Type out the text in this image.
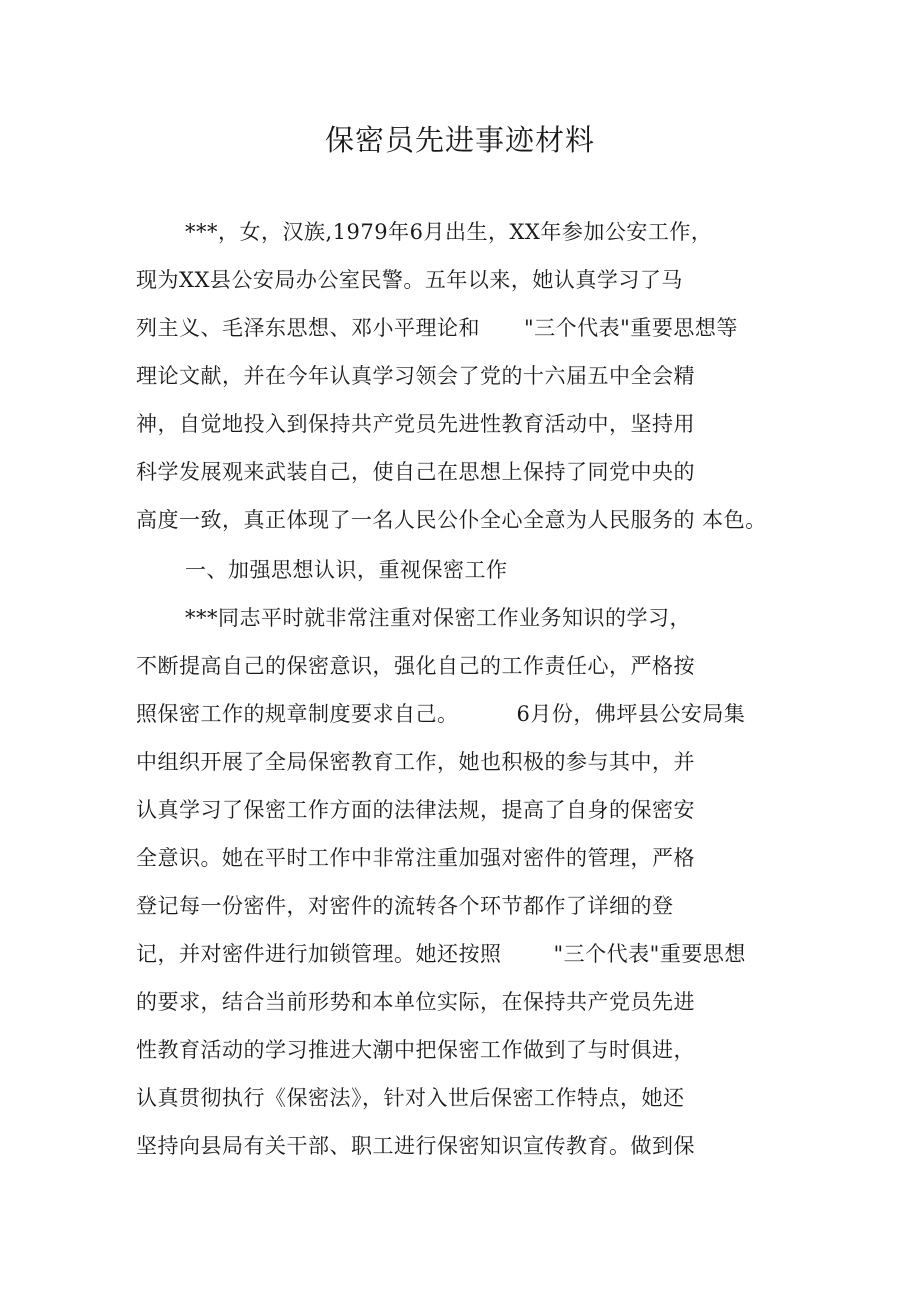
保密员先进事迹材料
***，女，汉族,1979年6月出生，XX年参加公安工作，
现为XX县公安局办公室民警。五年以来，她认真学习了马
列主义、毛泽东思想、邓小平理论和 "三个代表"重要思想等
理论文献，并在今年认真学习领会了党的十六届五中全会精
神，自觉地投入到保持共产党员先进性教育活动中，坚持用
科学发展观来武装自己，使自己在思想上保持了同党中央的
高度一致，真正体现了一名人民公仆全心全意为人民服务的 本色。
一、加强思想认识，重视保密工作
***同志平时就非常注重对保密工作业务知识的学习，
不断提高自己的保密意识，强化自己的工作责任心，严格按
照保密工作的规章制度要求自己。	6月份，佛坪县公安局集
中组织开展了全局保密教育工作，她也积极的参与其中，并
认真学习了保密工作方面的法律法规，提高了自身的保密安
全意识。她在平时工作中非常注重加强对密件的管理，严格
登记每一份密件，对密件的流转各个环节都作了详细的登
记，并对密件进行加锁管理。她还按照 "三个代表"重要思想
的要求，结合当前形势和本单位实际，在保持共产党员先进
性教育活动的学习推进大潮中把保密工作做到了与时俱进，
认真贯彻执行《保密法》，针对入世后保密工作特点，她还
坚持向县局有关干部、职工进行保密知识宣传教育。做到保
